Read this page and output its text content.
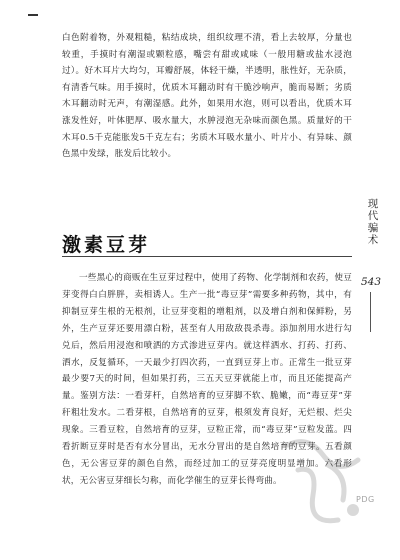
白色附着物，外观粗糙，粘结成块，组织纹理不清，看上去较厚，分量也较重，手摸时有潮湿或颗粒感，嘴尝有甜或咸味（一般用糖或盐水浸泡过）。好木耳片大均匀，耳瓣舒展，体轻干燥，半透明，胀性好，无杂质，有清香气味。用手摸时，优质木耳翻动时有干脆沙响声，脆而易断；劣质木耳翻动时无声，有潮湿感。此外，如果用水泡，则可以看出，优质木耳涨发性好，叶体肥厚、吸水量大，水肿浸泡无杂味而颜色黑。质量好的干木耳0.5千克能胀发5千克左右；劣质木耳吸水量小、叶片小、有异味、颜色黑中发绿，胀发后比较小。

激素豆芽

一些黑心的商贩在生豆芽过程中，使用了药物、化学制剂和农药，使豆芽变得白白胖胖，卖相诱人。生产一批“毒豆芽”需要多种药物，其中，有抑制豆芽生根的无根剂，让豆芽变粗的增粗剂，以及增白剂和保鲜粉，另外，生产豆芽还要用漂白粉，甚至有人用敌敌畏杀毒。添加剂用水进行勾兑后，然后用浸泡和喷洒的方式渗进豆芽内。就这样洒水、打药、打药、洒水，反复循环，一天最少打四次药，一直到豆芽上市。正常生一批豆芽最少要7天的时间，但如果打药，三五天豆芽就能上市，而且还能提高产量。鉴别方法：一看芽杆，自然培育的豆芽脚不软、脆嫩，而“毒豆芽”芽秆粗壮发水。二看芽根，自然培育的豆芽，根须发育良好，无烂根、烂尖现象。三看豆粒，自然培育的豆芽，豆粒正常，而“毒豆芽”豆粒发蓝。四看折断豆芽时是否有水分冒出，无水分冒出的是自然培育的豆芽。五看颜色，无公害豆芽的颜色自然，而经过加工的豆芽亮度明显增加。六看形状，无公害豆芽细长匀称，而化学催生的豆芽长得弯曲。

现
代
骗
术
543
PDG
